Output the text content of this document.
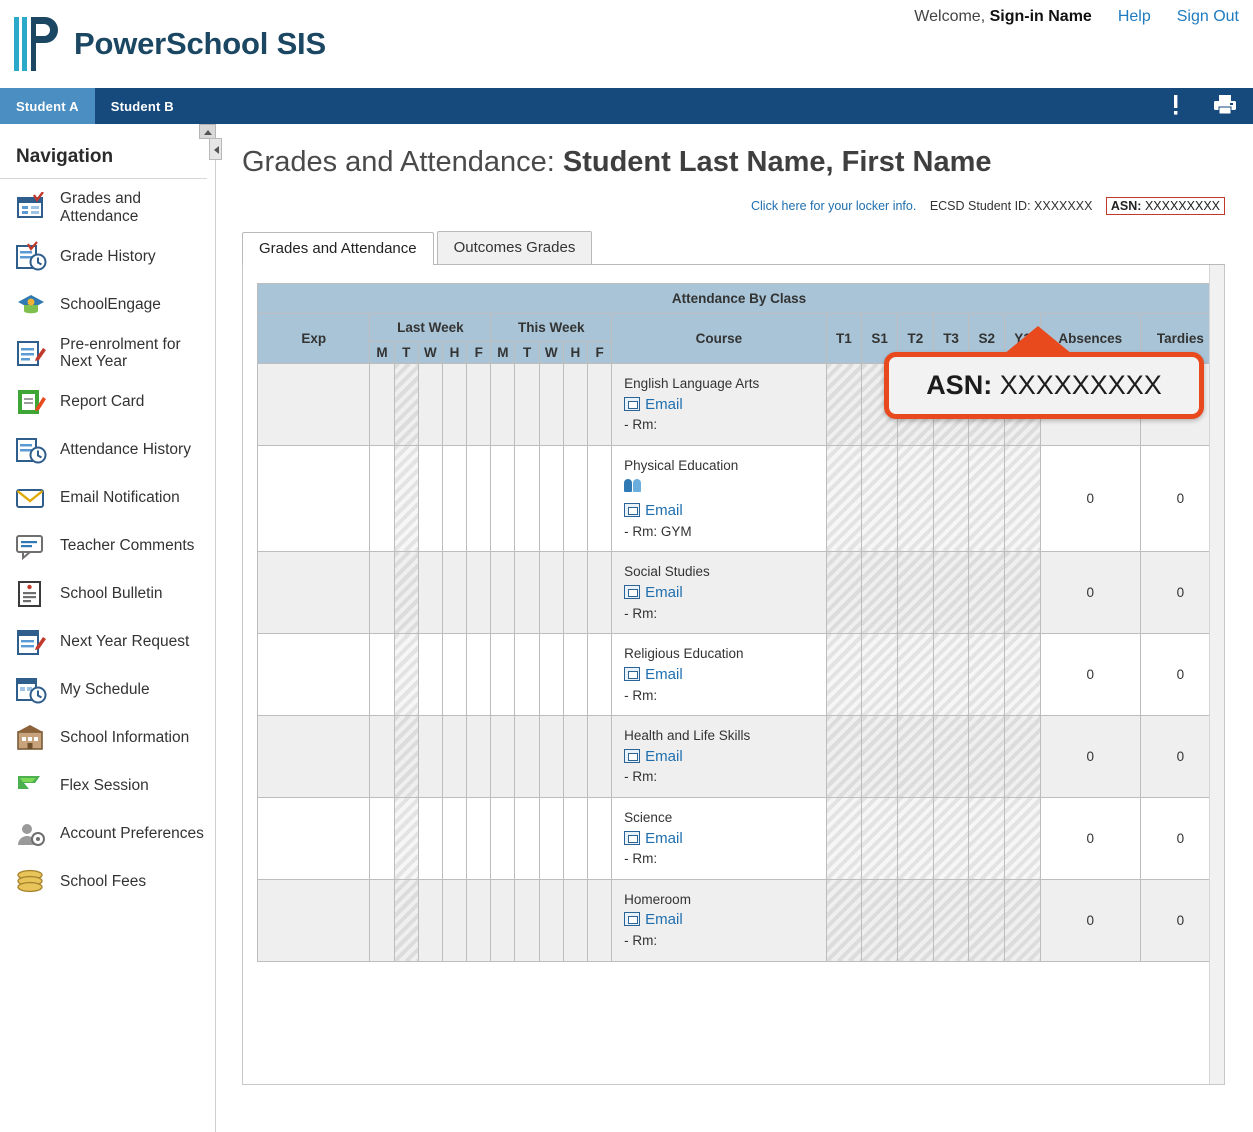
PowerSchool SIS
Welcome, Sign-in Name Help Sign Out
Student A	Student B
Navigation
Grades and Attendance
Grade History
SchoolEngage
Pre-enrolment for Next Year
Report Card
Attendance History
Email Notification
Teacher Comments
School Bulletin
Next Year Request
My Schedule
School Information
Flex Session
Account Preferences
School Fees
Grades and Attendance: Student Last Name, First Name
Click here for your locker info. ECSD Student ID: XXXXXXX ASN: XXXXXXXXX
Grades and Attendance	Outcomes Grades
Attendance By Class																			
Exp	Last Week					This Week					Course	T1	S1	T2	T3	S2	Y1	Absences	Tardies
	M	T	W	H	F	M	T	W	H	F									

											English Language Arts
Email
- Rm:

											Physical Education
Email
- Rm: GYM							0	0

											Social Studies
Email
- Rm:							0	0

											Religious Education
Email
- Rm:							0	0

											Health and Life Skills
Email
- Rm:							0	0

											Science
Email
- Rm:							0	0

											Homeroom
Email
- Rm:							0	0
ASN: XXXXXXXXX
